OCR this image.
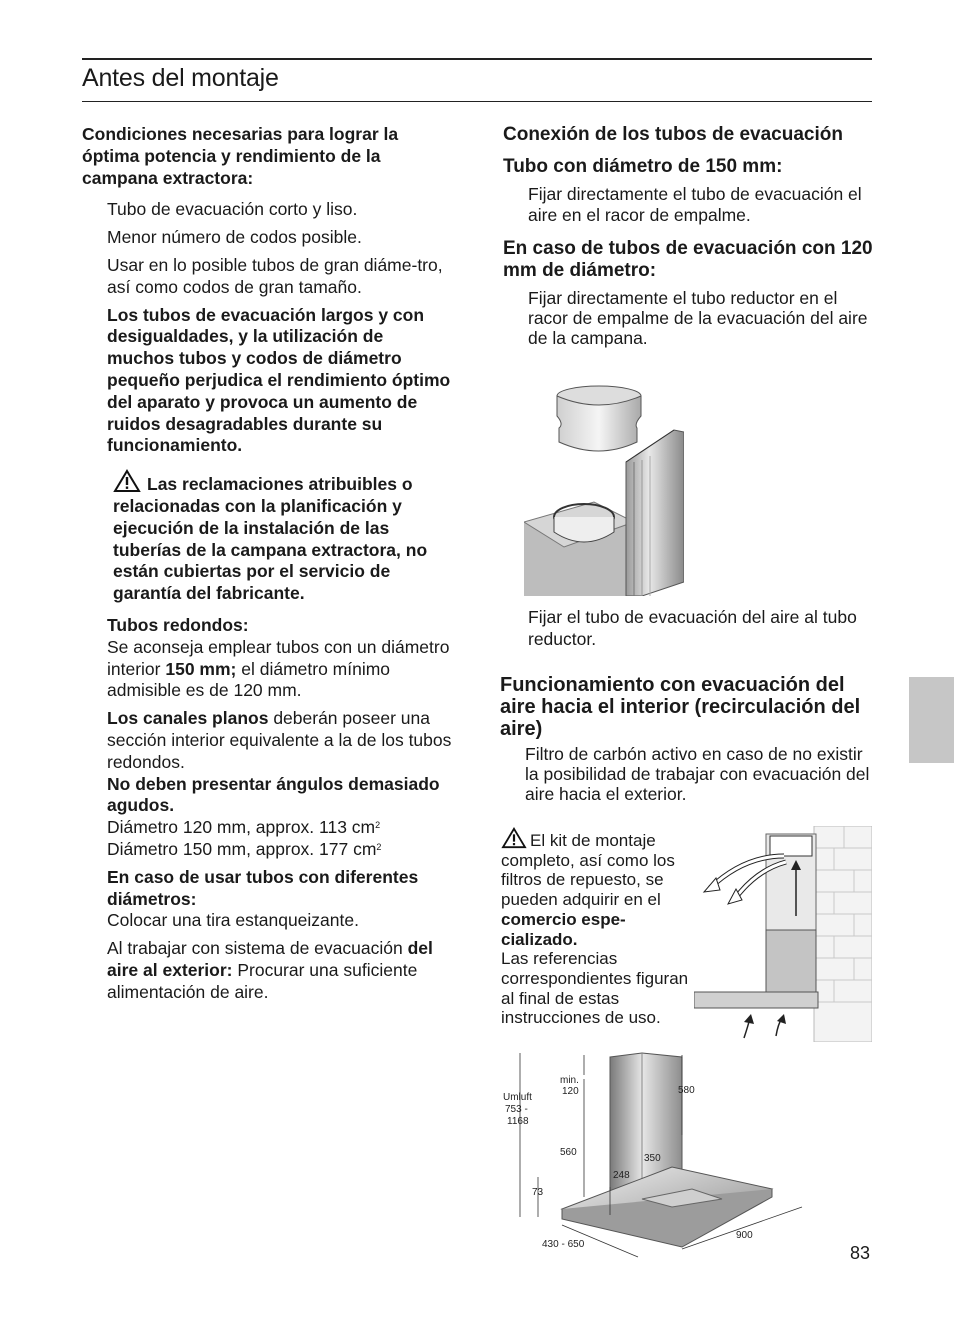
Antes del montaje

Condiciones necesarias para lograr la óptima potencia y rendimiento de la campana extractora:

Tubo de evacuación corto y liso.

Menor número de codos posible.

Usar en lo posible tubos de gran diáme-tro, así como codos de gran tamaño.

Los tubos de evacuación largos y con desigualdades, y la utilización de muchos tubos y codos de diámetro pequeño perjudica el rendimiento óptimo del aparato y provoca un aumento de ruidos desagradables durante su funcionamiento.

Las reclamaciones atribuibles o relacionadas con la planificación y ejecución de la instalación de las tuberías de la campana extractora, no están cubiertas por el servicio de garantía del fabricante.

Tubos redondos:

Se aconseja emplear tubos con un diámetro interior 150 mm; el diámetro mínimo admisible es de 120 mm.

Los canales planos deberán poseer una sección interior equivalente a la de los tubos redondos.

No deben presentar ángulos demasiado agudos.

Diámetro 120 mm, approx. 113 $cm^2$

Diámetro 150 mm, approx. 177 $cm^2$

En caso de usar tubos con diferentes diámetros:

Colocar una tira estanqueizante.

Al trabajar con sistema de evacuación del aire al exterior: Procurar una suficiente alimentación de aire.

Conexión de los tubos de evacuación

Tubo con diámetro de 150 mm:

Fijar directamente el tubo de evacuación el aire en el racor de empalme.

En caso de tubos de evacuación con 120 mm de diámetro:

Fijar directamente el tubo reductor en el racor de empalme de la evacuación del aire de la campana.

Fijar el tubo de evacuación del aire al tubo reductor.

Funcionamiento con evacuación del aire hacia el interior (recirculación del aire)

Filtro de carbón activo en caso de no existir la posibilidad de trabajar con evacuación del aire hacia el exterior.

El kit de montaje completo, así como los filtros de repuesto, se pueden adquirir en el comercio espe-cializado.
Las referencias correspondientes figuran al final de estas instrucciones de uso.
Umluft
753 -
1168
min.
120	580
560
350
248
73
430 - 650
900
83
